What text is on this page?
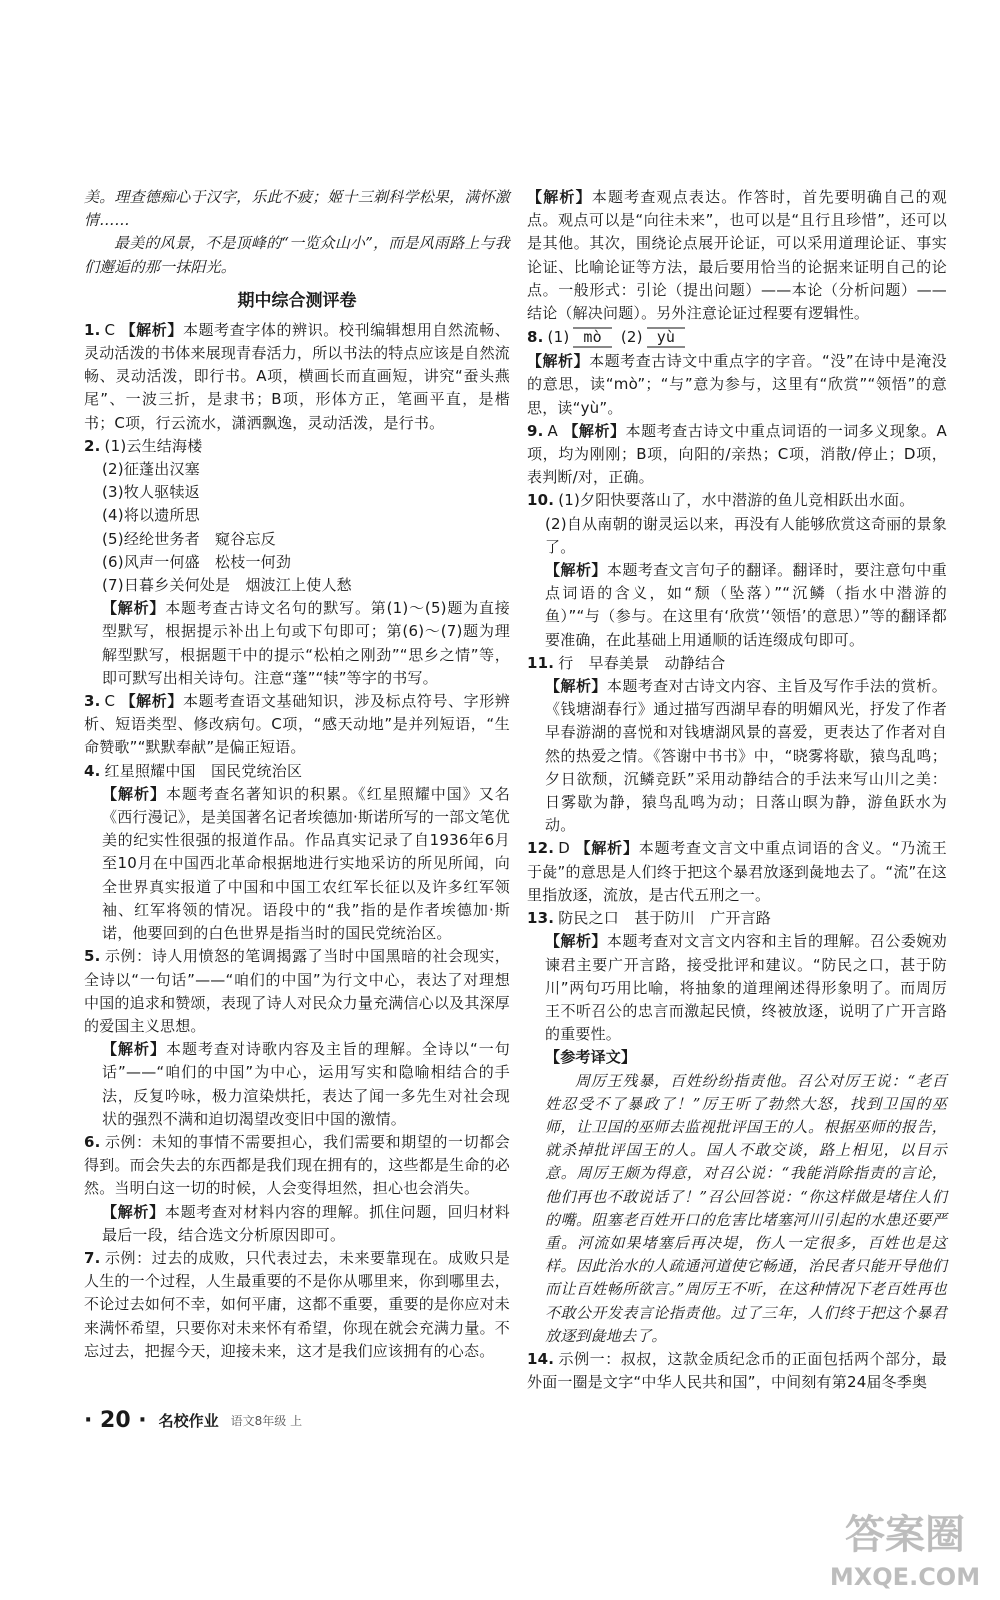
美。理查德痴心于汉字，乐此不疲；姬十三剃科学松果，满怀激情……

最美的风景，不是顶峰的“一览众山小”，而是风雨路上与我们邂逅的那一抹阳光。

期中综合测评卷

1. C 【解析】本题考查字体的辨识。校刊编辑想用自然流畅、灵动活泼的书体来展现青春活力，所以书法的特点应该是自然流畅、灵动活泼，即行书。A项，横画长而直画短，讲究“蚕头燕尾”、一波三折，是隶书；B项，形体方正，笔画平直，是楷书；C项，行云流水，潇洒飘逸，灵动活泼，是行书。

2. (1)云生结海楼

(2)征蓬出汉塞

(3)牧人驱犊返

(4)将以遗所思

(5)经纶世务者　窥谷忘反

(6)风声一何盛　松枝一何劲

(7)日暮乡关何处是　烟波江上使人愁

【解析】本题考查古诗文名句的默写。第(1)～(5)题为直接型默写，根据提示补出上句或下句即可；第(6)～(7)题为理解型默写，根据题干中的提示“松柏之刚劲”“思乡之情”等，即可默写出相关诗句。注意“蓬”“犊”等字的书写。

3. C 【解析】本题考查语文基础知识，涉及标点符号、字形辨析、短语类型、修改病句。C项，“感天动地”是并列短语，“生命赞歌”“默默奉献”是偏正短语。

4. 红星照耀中国　国民党统治区

【解析】本题考查名著知识的积累。《红星照耀中国》又名《西行漫记》，是美国著名记者埃德加·斯诺所写的一部文笔优美的纪实性很强的报道作品。作品真实记录了自1936年6月至10月在中国西北革命根据地进行实地采访的所见所闻，向全世界真实报道了中国和中国工农红军长征以及许多红军领袖、红军将领的情况。语段中的“我”指的是作者埃德加·斯诺，他要回到的白色世界是指当时的国民党统治区。

5. 示例：诗人用愤怒的笔调揭露了当时中国黑暗的社会现实，全诗以“一句话”——“咱们的中国”为行文中心，表达了对理想中国的追求和赞颂，表现了诗人对民众力量充满信心以及其深厚的爱国主义思想。

【解析】本题考查对诗歌内容及主旨的理解。全诗以“一句话”——“咱们的中国”为中心，运用写实和隐喻相结合的手法，反复吟咏，极力渲染烘托，表达了闻一多先生对社会现状的强烈不满和迫切渴望改变旧中国的激情。

6. 示例：未知的事情不需要担心，我们需要和期望的一切都会得到。而会失去的东西都是我们现在拥有的，这些都是生命的必然。当明白这一切的时候，人会变得坦然，担心也会消失。

【解析】本题考查对材料内容的理解。抓住问题，回归材料最后一段，结合选文分析原因即可。

7. 示例：过去的成败，只代表过去，未来要靠现在。成败只是人生的一个过程，人生最重要的不是你从哪里来，你到哪里去，不论过去如何不幸，如何平庸，这都不重要，重要的是你应对未来满怀希望，只要你对未来怀有希望，你现在就会充满力量。不忘过去，把握今天，迎接未来，这才是我们应该拥有的心态。

【解析】本题考查观点表达。作答时，首先要明确自己的观点。观点可以是“向往未来”，也可以是“且行且珍惜”，还可以是其他。其次，围绕论点展开论证，可以采用道理论证、事实论证、比喻论证等方法，最后要用恰当的论据来证明自己的论点。一般形式：引论（提出问题）——本论（分析问题）——结论（解决问题）。另外注意论证过程要有逻辑性。

8. (1) mò (2) yù

【解析】本题考查古诗文中重点字的字音。“没”在诗中是淹没的意思，读“mò”；“与”意为参与，这里有“欣赏”“领悟”的意思，读“yù”。

9. A 【解析】本题考查古诗文中重点词语的一词多义现象。A项，均为刚刚；B项，向阳的/亲热；C项，消散/停止；D项，表判断/对，正确。

10. (1)夕阳快要落山了，水中潜游的鱼儿竞相跃出水面。

(2)自从南朝的谢灵运以来，再没有人能够欣赏这奇丽的景象了。

【解析】本题考查文言句子的翻译。翻译时，要注意句中重点词语的含义，如“颓（坠落）”“沉鳞（指水中潜游的鱼）”“与（参与。在这里有‘欣赏’‘领悟’的意思）”等的翻译都要准确，在此基础上用通顺的话连缀成句即可。

11. 行　早春美景　动静结合

【解析】本题考查对古诗文内容、主旨及写作手法的赏析。《钱塘湖春行》通过描写西湖早春的明媚风光，抒发了作者早春游湖的喜悦和对钱塘湖风景的喜爱，更表达了作者对自然的热爱之情。《答谢中书书》中，“晓雾将歇，猿鸟乱鸣；夕日欲颓，沉鳞竞跃”采用动静结合的手法来写山川之美：日雾歇为静，猿鸟乱鸣为动；日落山暝为静，游鱼跃水为动。

12. D 【解析】本题考查文言文中重点词语的含义。“乃流王于彘”的意思是人们终于把这个暴君放逐到彘地去了。“流”在这里指放逐，流放，是古代五刑之一。

13. 防民之口　甚于防川　广开言路

【解析】本题考查对文言文内容和主旨的理解。召公委婉劝谏君主要广开言路，接受批评和建议。“防民之口，甚于防川”两句巧用比喻，将抽象的道理阐述得形象明了。而周厉王不听召公的忠言而激起民愤，终被放逐，说明了广开言路的重要性。

【参考译文】

周厉王残暴，百姓纷纷指责他。召公对厉王说：“老百姓忍受不了暴政了！”厉王听了勃然大怒，找到卫国的巫师，让卫国的巫师去监视批评国王的人。根据巫师的报告，就杀掉批评国王的人。国人不敢交谈，路上相见，以目示意。周厉王颇为得意，对召公说：“我能消除指责的言论，他们再也不敢说话了！”召公回答说：“你这样做是堵住人们的嘴。阻塞老百姓开口的危害比堵塞河川引起的水患还要严重。河流如果堵塞后再决堤，伤人一定很多，百姓也是这样。因此治水的人疏通河道使它畅通，治民者只能开导他们而让百姓畅所欲言。”周厉王不听，在这种情况下老百姓再也不敢公开发表言论指责他。过了三年，人们终于把这个暴君放逐到彘地去了。

14. 示例一：叔叔，这款金质纪念币的正面包括两个部分，最外面一圈是文字“中华人民共和国”，中间刻有第24届冬季奥

· 20 · 名校作业 语文8年级 上
答案圈
MXQE.COM
